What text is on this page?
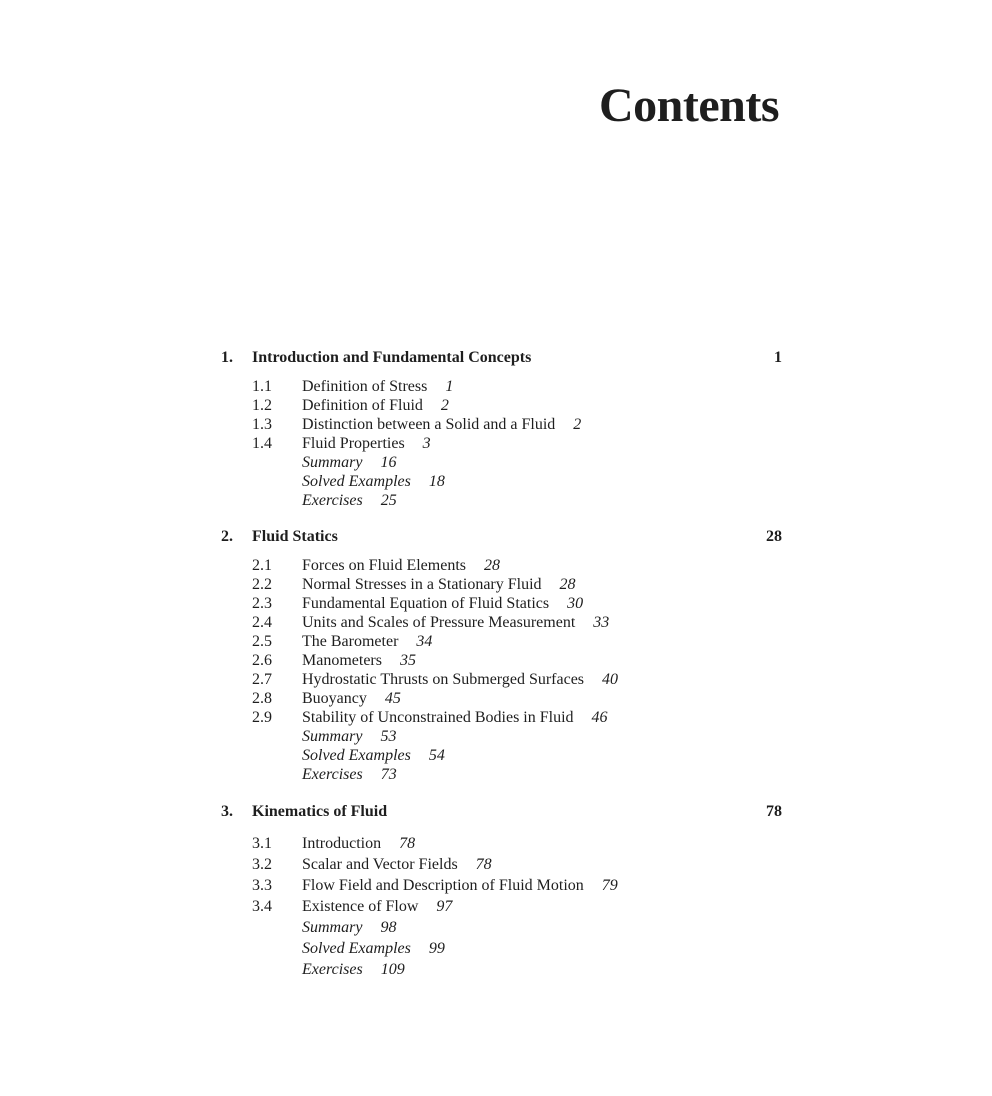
Contents
1.	Introduction and Fundamental Concepts	1
1.1	Definition of Stress 1
1.2	Definition of Fluid 2
1.3	Distinction between a Solid and a Fluid 2
1.4	Fluid Properties 3
Summary 16
Solved Examples 18
Exercises 25
2.	Fluid Statics	28
2.1	Forces on Fluid Elements 28
2.2	Normal Stresses in a Stationary Fluid 28
2.3	Fundamental Equation of Fluid Statics 30
2.4	Units and Scales of Pressure Measurement 33
2.5	The Barometer 34
2.6	Manometers 35
2.7	Hydrostatic Thrusts on Submerged Surfaces 40
2.8	Buoyancy 45
2.9	Stability of Unconstrained Bodies in Fluid 46
Summary 53
Solved Examples 54
Exercises 73
3.	Kinematics of Fluid	78
3.1	Introduction 78
3.2	Scalar and Vector Fields 78
3.3	Flow Field and Description of Fluid Motion 79
3.4	Existence of Flow 97
Summary 98
Solved Examples 99
Exercises 109
